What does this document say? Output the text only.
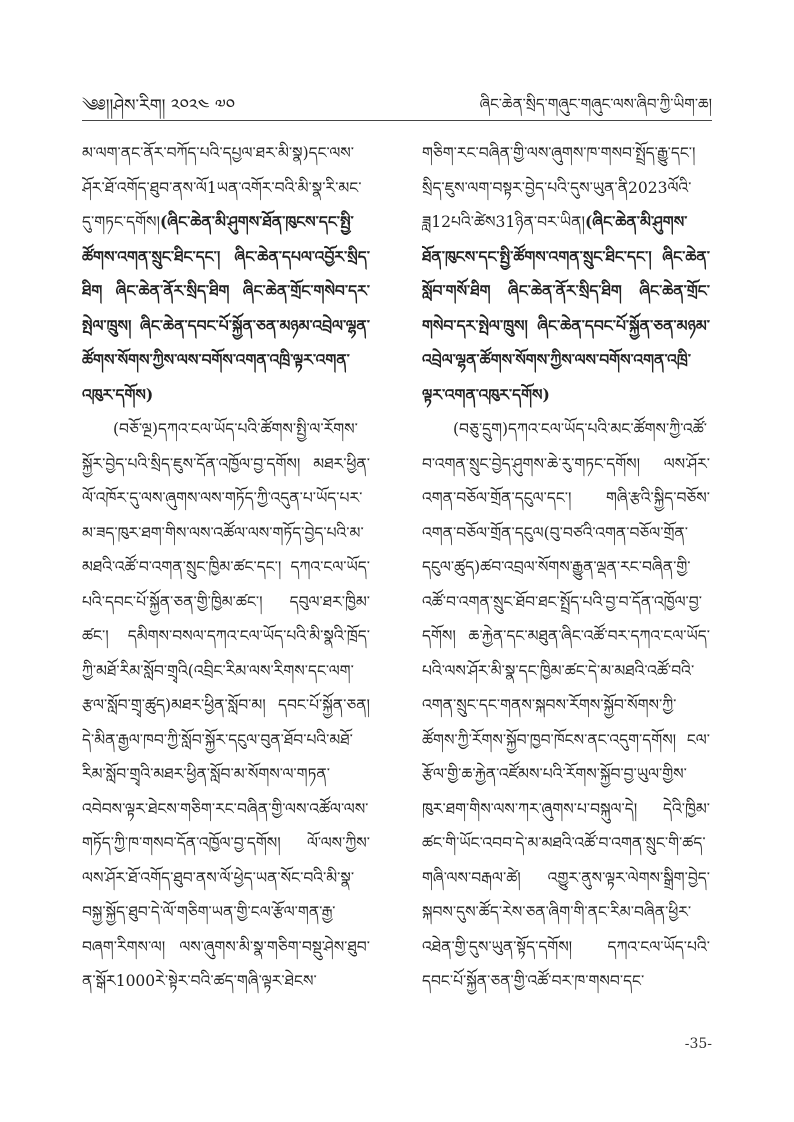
༄༅།།ཤེས་རིག། ༢༠༢༤ ༧༠	ཞིང་ཆེན་སྲིད་གཞུང་གཞུང་ལས་ཞིབ་ཀྱི་ཡིག་ཆ།

མ་ལག་ནང་ནོར་བཀོད་པའི་དཔྱལ་ཐར་མི་སྣ)དང་ལས་ཤོར་ཐོ་འགོད་ཐུབ་ནས་ལོ1ཡན་འགོར་བའི་མི་སྣ་རི་མང་དུ་གཏང་དགོས།(ཞིང་ཆེན་མི་ཤུགས་ཐོན་ཁུངས་དང་སྤྱི་ཚོགས་འགན་སྲུང་ཐིང་དང་། ཞིང་ཆེན་དཔལ་འབྱོར་སྲིད་ཐིག ཞིང་ཆེན་ནོར་སྲིད་ཐིག ཞིང་ཆེན་གྲོང་གསེབ་དར་སྤེལ་ཁྲུས། ཞིང་ཆེན་དབང་པོ་སྐྱོན་ཅན་མཉམ་འབྲེལ་ལྷན་ཚོགས་སོགས་ཀྱིས་ལས་བགོས་འགན་འཁྲི་ལྟར་འགན་འཁུར་དགོས)

(བཅོ་ལྔ)དཀའ་ངལ་ཡོད་པའི་ཚོགས་སྤྱི་ལ་རོགས་སྐྱོར་བྱེད་པའི་སྲིད་ཇུས་དོན་འཁྱོལ་བྱ་དགོས། མཐར་ཕྱིན་ལོ་འཁོར་དུ་ལས་ཞུགས་ལས་གཏོད་ཀྱི་འདུན་པ་ཡོད་པར་མ་ཟད་ཁུར་ཐག་གིས་ལས་འཚོལ་ལས་གཏོད་བྱེད་པའི་མ་མཐའི་འཚོ་བ་འགན་སྲུང་ཁྱིམ་ཚང་དང་། དཀའ་ངལ་ཡོད་པའི་དབང་པོ་སྐྱོན་ཅན་གྱི་ཁྱིམ་ཚང་། དབུལ་ཐར་ཁྱིམ་ཚང་། དམིགས་བསལ་དཀའ་ངལ་ཡོད་པའི་མི་སྣའི་ཁྲོད་ཀྱི་མཐོ་རིམ་སློབ་གྲྭའི(འབྲིང་རིམ་ལས་རིགས་དང་ལག་རྩལ་སློབ་གྲྭ་ཚུད)མཐར་ཕྱིན་སློབ་མ། དབང་པོ་སྐྱོན་ཅན། དེ་མིན་རྒྱལ་ཁབ་ཀྱི་སློབ་སྐྱོར་དངུལ་བུན་ཐོབ་པའི་མཐོ་རིམ་སློབ་གྲྭའི་མཐར་ཕྱིན་སློབ་མ་སོགས་ལ་གཏན་འབེབས་ལྟར་ཐེངས་གཅིག་རང་བཞིན་གྱི་ལས་འཚོལ་ལས་གཏོད་ཀྱི་ཁ་གསབ་དོན་འཁྱོལ་བྱ་དགོས། ལོ་ལས་ཀྱིས་ལས་ཤོར་ཐོ་འགོད་ཐུབ་ནས་ལོ་ཕྱེད་ཡན་སོང་བའི་མི་སྣ་བསྐྱ་སྐྱོད་ཐུབ་དེ་ལོ་གཅིག་ཡན་གྱི་ངལ་རྩོལ་གན་རྒྱ་བཞག་རིགས་ལ། ལས་ཞུགས་མི་སྣ་གཅིག་བསྡུ་ཤེས་ཐུབ་ན་སྒོར1000རེ་སྟེར་བའི་ཚད་གཞི་ལྟར་ཐེངས་

གཅིག་རང་བཞིན་གྱི་ལས་ཞུགས་ཁ་གསབ་སྤྲོད་རྒྱུ་དང་། སྲིད་ཇུས་ལག་བསྟར་བྱེད་པའི་དུས་ཡུན་ནི2023ལོའི་ཟླ12པའི་ཚེས31ཉིན་བར་ཡིན།(ཞིང་ཆེན་མི་ཤུགས་ཐོན་ཁུངས་དང་སྤྱི་ཚོགས་འགན་སྲུང་ཐིང་དང་། ཞིང་ཆེན་སློབ་གསོ་ཐིག ཞིང་ཆེན་ནོར་སྲིད་ཐིག ཞིང་ཆེན་གྲོང་གསེབ་དར་སྤེལ་ཁྲུས། ཞིང་ཆེན་དབང་པོ་སྐྱོན་ཅན་མཉམ་འབྲེལ་ལྷན་ཚོགས་སོགས་ཀྱིས་ལས་བགོས་འགན་འཁྲི་ལྟར་འགན་འཁུར་དགོས)

(བཅུ་དྲུག)དཀའ་ངལ་ཡོད་པའི་མང་ཚོགས་ཀྱི་འཚོ་བ་འགན་སྲུང་བྱེད་ཤུགས་ཆེ་རུ་གཏང་དགོས། ལས་ཤོར་འགན་བཅོལ་གྲོན་དངུལ་དང་། གཞི་རྩའི་སྐྱིད་བཅོས་འགན་བཅོལ་གྲོན་དངུལ(བུ་བཙའི་འགན་བཅོལ་གྲོན་དངུལ་ཚུད)ཚབ་འབྲལ་སོགས་རྒྱུན་ལྡན་རང་བཞིན་གྱི་འཚོ་བ་འགན་སྲུང་ཐོབ་ཐང་སྤྲོད་པའི་བྱ་བ་དོན་འཁྱོལ་བྱ་དགོས། ཆ་རྐྱེན་དང་མཐུན་ཞིང་འཚོ་བར་དཀའ་ངལ་ཡོད་པའི་ལས་ཤོར་མི་སྣ་དང་ཁྱིམ་ཚང་དེ་མ་མཐའི་འཚོ་བའི་འགན་སྲུང་དང་གནས་སྐབས་རོགས་སྐྱོབ་སོགས་ཀྱི་ཚོགས་ཀྱི་རོགས་སྐྱོབ་ཁྱབ་ཁོངས་ནང་འདུག་དགོས། ངལ་རྩོལ་གྱི་ཆ་རྐྱེན་འཛོམས་པའི་རོགས་སྐྱོབ་བྱ་ཡུལ་གྱིས་ཁུར་ཐག་གིས་ལས་ཀར་ཞུགས་པ་བསྐུལ་དེ། དེའི་ཁྱིམ་ཚང་གི་ཡོང་འབབ་དེ་མ་མཐའི་འཚོ་བ་འགན་སྲུང་གི་ཚད་གཞི་ལས་བརྒལ་ཚེ། འགྱུར་ནུས་ལྟར་ལེགས་སྒྲིག་བྱེད་སྐབས་དུས་ཚོད་རེས་ཅན་ཞིག་གི་ནང་རིམ་བཞིན་ཕྱིར་འཐེན་གྱི་དུས་ཡུན་སྟོད་དགོས། དཀའ་ངལ་ཡོད་པའི་དབང་པོ་སྐྱོན་ཅན་གྱི་འཚོ་བར་ཁ་གསབ་དང་

-35-
